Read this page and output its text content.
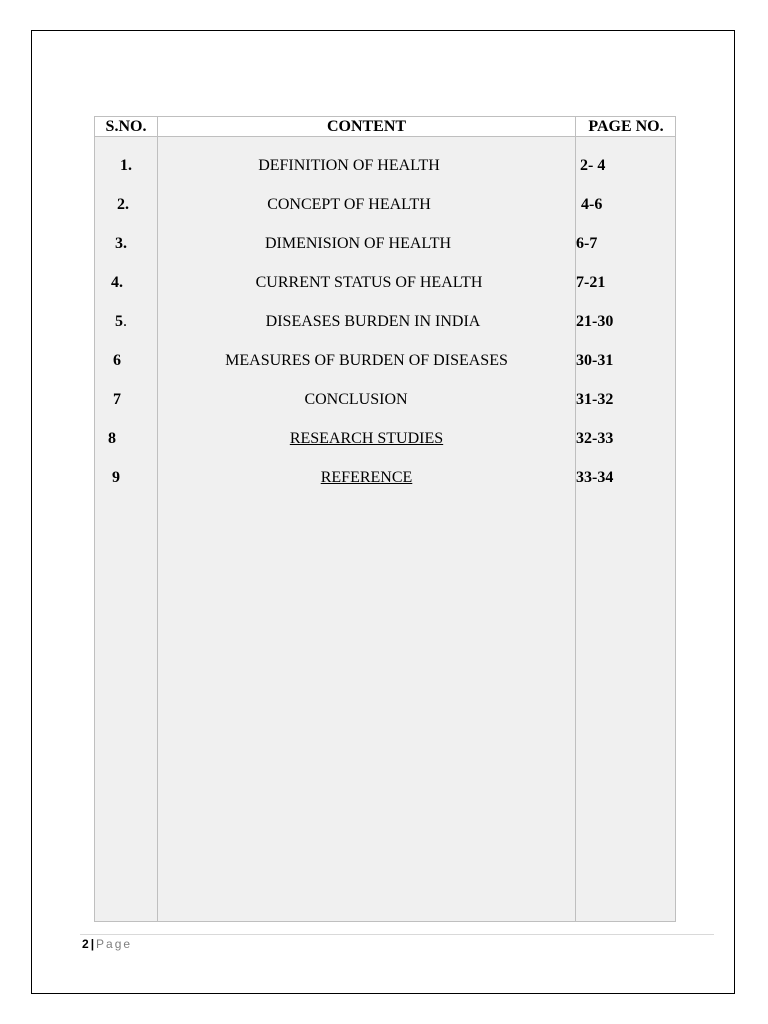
S.NO.	CONTENT	PAGE NO.
1.	DEFINITION OF HEALTH	2- 4
2.	CONCEPT OF HEALTH	4-6
3.	DIMENISION OF HEALTH	6-7
4.	CURRENT STATUS OF HEALTH	7-21
5.	DISEASES BURDEN IN INDIA	21-30
6	MEASURES OF BURDEN OF DISEASES	30-31
7	CONCLUSION	31-32
8	RESEARCH STUDIES	32-33
9	REFERENCE	33-34
2 | Page
